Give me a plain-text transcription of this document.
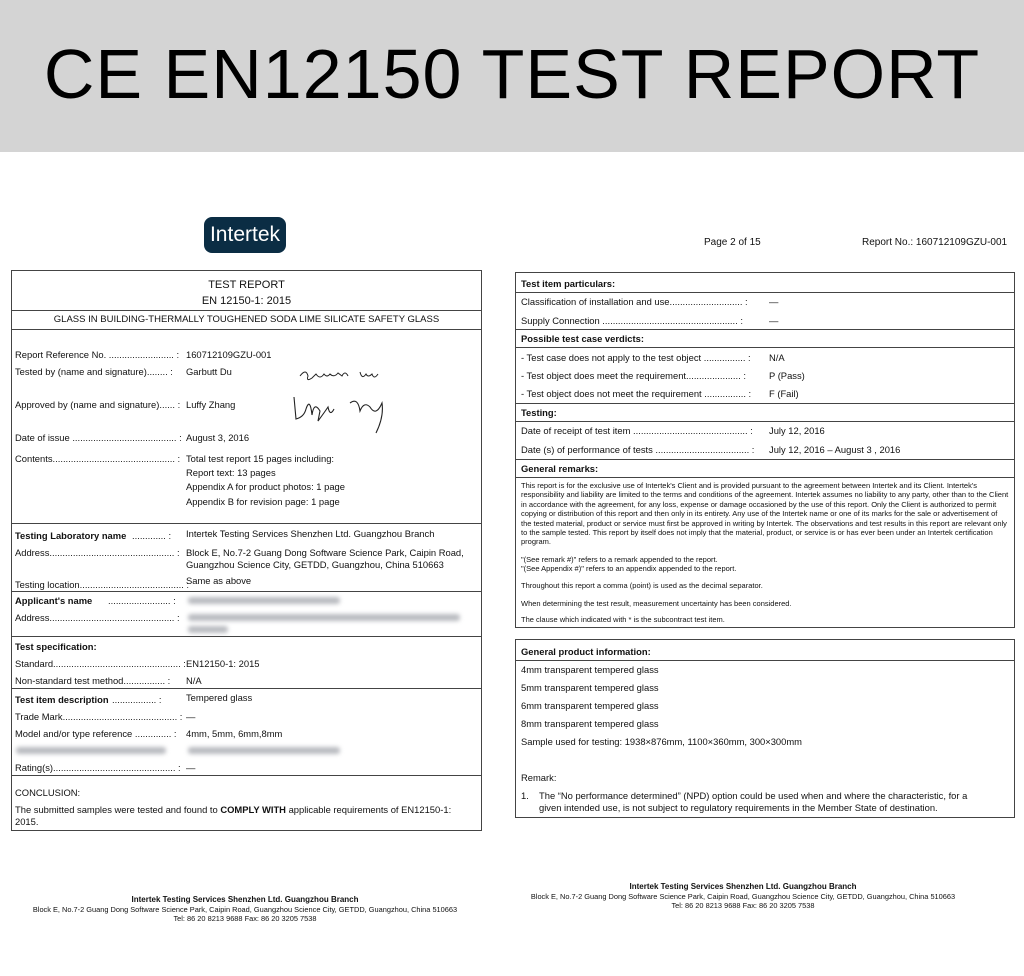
CE EN12150 TEST REPORT
Intertek	Page 2 of 15	Report No.: 160712109GZU-001
TEST REPORT
EN 12150-1: 2015
GLASS IN BUILDING-THERMALLY TOUGHENED SODA LIME SILICATE SAFETY GLASS
Report Reference No. ......................... : 160712109GZU-001
Tested by (name and signature)........ : Garbutt Du
Approved by (name and signature)...... : Luffy Zhang
Date of issue ........................................ : August 3, 2016
Contents............................................... : Total test report 15 pages including:
Report text: 13 pages
Appendix A for product photos: 1 page
Appendix B for revision page: 1 page
Testing Laboratory name ............. : Intertek Testing Services Shenzhen Ltd. Guangzhou Branch
Address................................................ : Block E, No.7-2 Guang Dong Software Science Park, Caipin Road,
Guangzhou Science City, GETDD, Guangzhou, China 510663
Testing location........................................ :
Same as above
Applicant's name ........................ :
Address................................................ :
Test specification:
Standard................................................. : EN12150-1: 2015
Non-standard test method................ : N/A
Test item description ................. :	Tempered glass
Trade Mark............................................ : —
Model and/or type reference .............. : 4mm, 5mm, 6mm,8mm
Rating(s)............................................... : —
CONCLUSION:
The submitted samples were tested and found to COMPLY WITH applicable requirements of EN12150-1:
2015.
Test item particulars:
Classification of installation and use............................ : —
Supply Connection .................................................... :	—
Possible test case verdicts:
- Test case does not apply to the test object ................ : N/A
- Test object does meet the requirement..................... : P (Pass)
- Test object does not meet the requirement ................ : F (Fail)
Testing:
Date of receipt of test item ............................................ : July 12, 2016
Date (s) of performance of tests .................................... : July 12, 2016 – August 3 , 2016
General remarks:
This report is for the exclusive use of Intertek's Client and is provided pursuant to the agreement between Intertek and its Client. Intertek's responsibility and liability are limited to the terms and conditions of the agreement. Intertek assumes no liability to any party, other than to the Client in accordance with the agreement, for any loss, expense or damage occasioned by the use of this report. Only the Client is authorized to permit copying or distribution of this report and then only in its entirety. Any use of the Intertek name or one of its marks for the sale or advertisement of the tested material, product or service must first be approved in writing by Intertek. The observations and test results in this report are relevant only to the sample tested. This report by itself does not imply that the material, product, or service is or has ever been under an Intertek certification program.
"(See remark #)" refers to a remark appended to the report.
"(See Appendix #)" refers to an appendix appended to the report.
Throughout this report a comma (point) is used as the decimal separator.
When determining the test result, measurement uncertainty has been considered.
The clause which indicated with * is the subcontract test item.
General product information:
4mm transparent tempered glass
5mm transparent tempered glass
6mm transparent tempered glass
8mm transparent tempered glass
Sample used for testing: 1938×876mm, 1100×360mm, 300×300mm
Remark:
1. The “No performance determined” (NPD) option could be used when and where the characteristic, for a
given intended use, is not subject to regulatory requirements in the Member State of destination.
Intertek Testing Services Shenzhen Ltd. Guangzhou Branch
Block E, No.7-2 Guang Dong Software Science Park, Caipin Road, Guangzhou Science City, GETDD, Guangzhou, China 510663
Tel: 86 20 8213 9688 Fax: 86 20 3205 7538
Intertek Testing Services Shenzhen Ltd. Guangzhou Branch
Block E, No.7-2 Guang Dong Software Science Park, Caipin Road, Guangzhou Science City, GETDD, Guangzhou, China 510663
Tel: 86 20 8213 9688 Fax: 86 20 3205 7538
